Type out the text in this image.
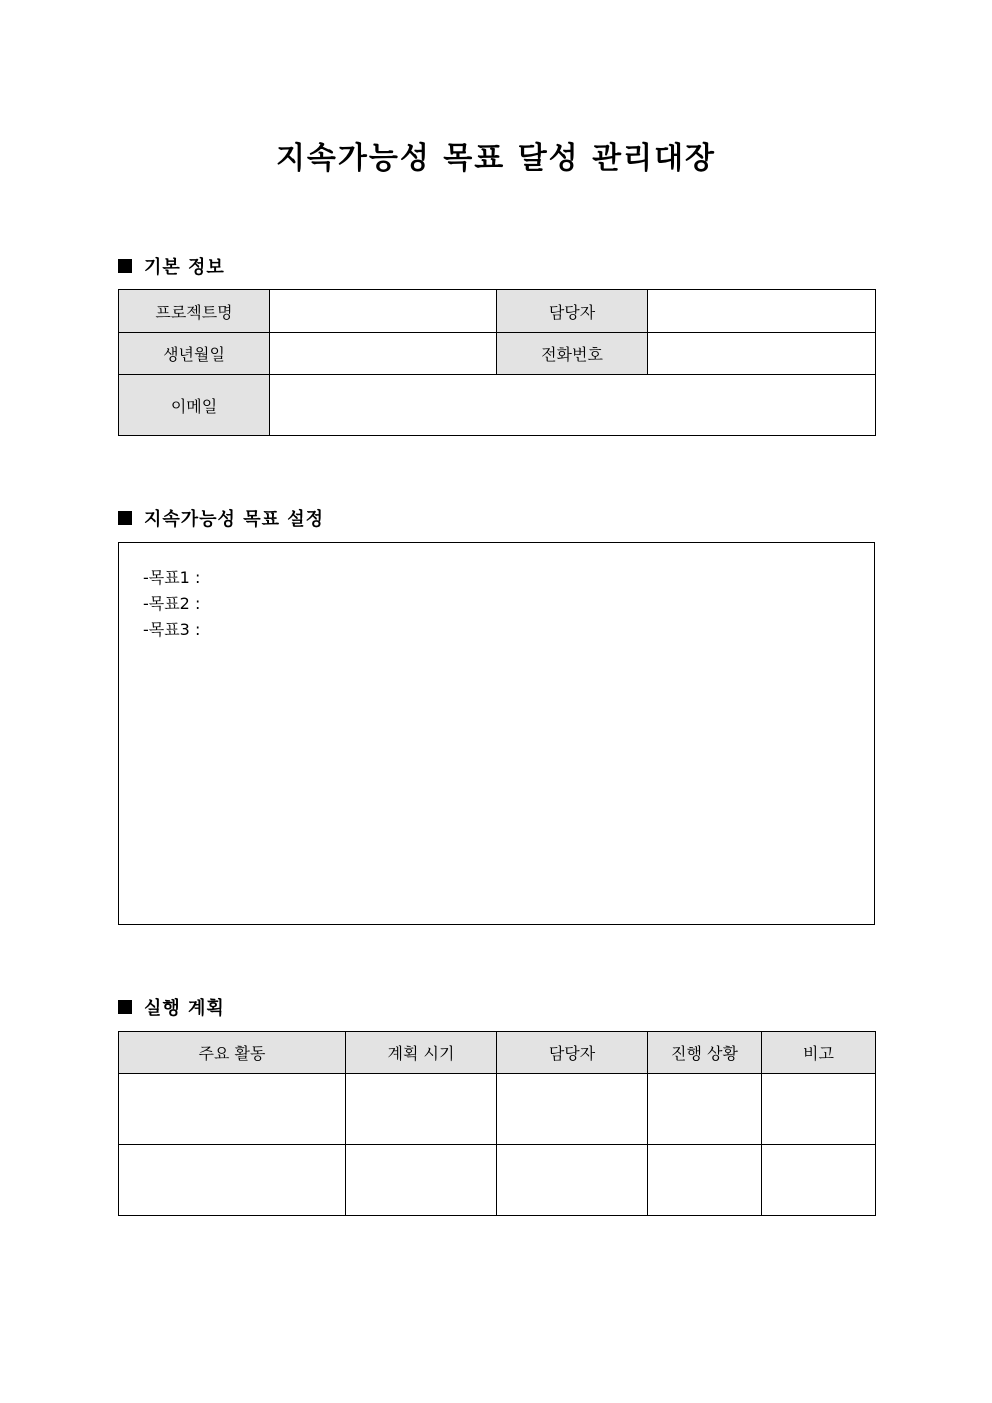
지속가능성 목표 달성 관리대장
기본 정보
프로젝트명		담당자	
생년월일		전화번호	
이메일			
지속가능성 목표 설정
-목표1 :
-목표2 :
-목표3 :
실행 계획
주요 활동	계획 시기	담당자	진행 상황	비고
